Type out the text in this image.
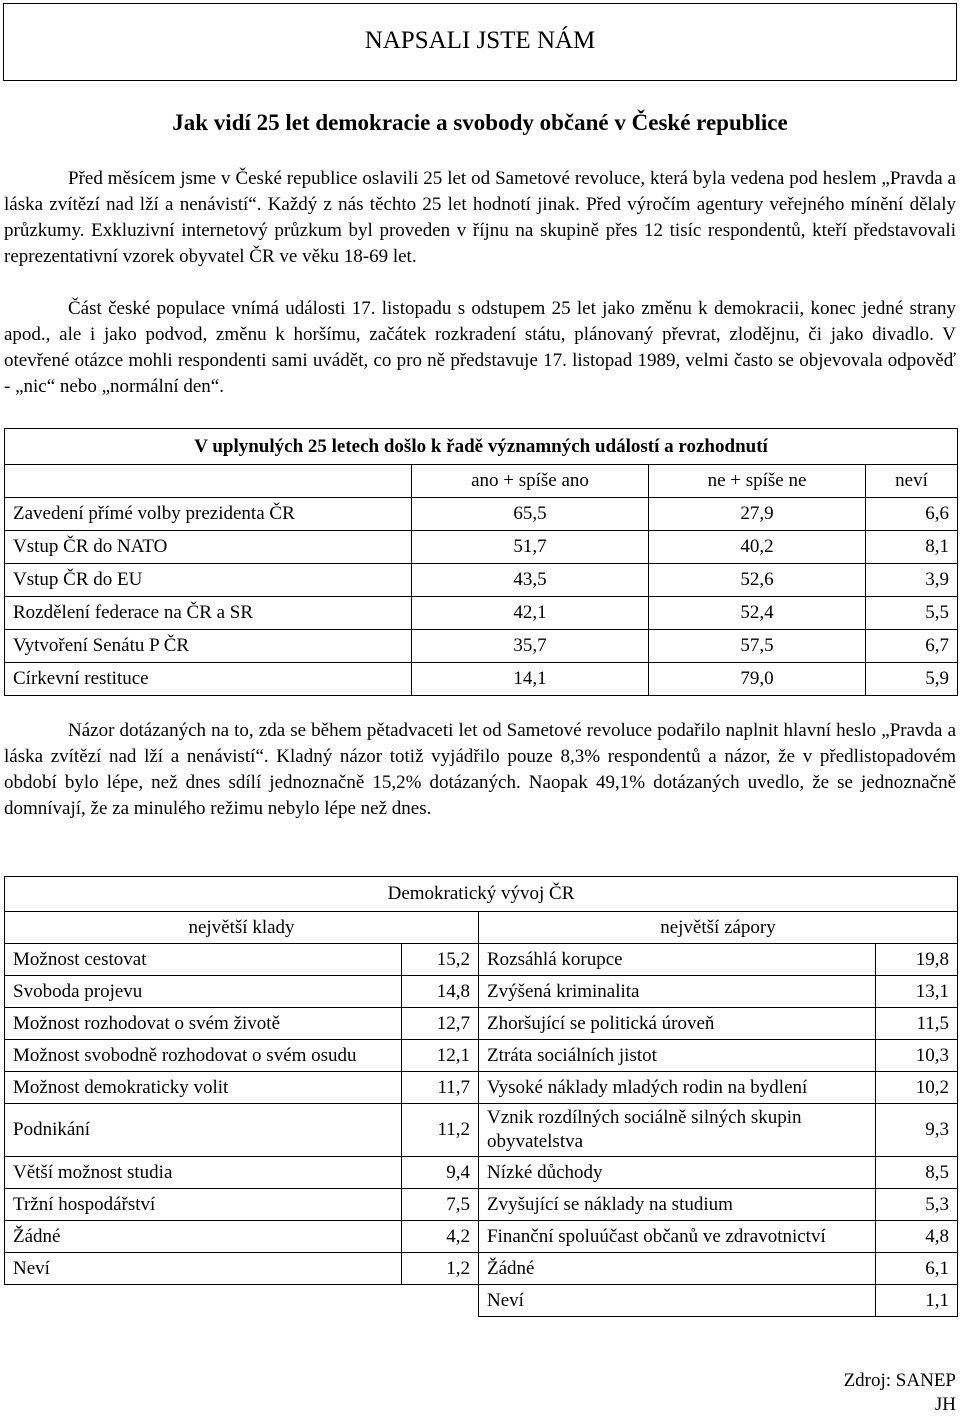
NAPSALI JSTE NÁM
Jak vidí 25 let demokracie a svobody občané v České republice
Před měsícem jsme v České republice oslavili 25 let od Sametové revoluce, která byla vedena pod heslem „Pravda a láska zvítězí nad lží a nenávistí“. Každý z nás těchto 25 let hodnotí jinak. Před výročím agentury veřejného mínění dělaly průzkumy. Exkluzivní internetový průzkum byl proveden v říjnu na skupině přes 12 tisíc respondentů, kteří představovali reprezentativní vzorek obyvatel ČR ve věku 18-69 let.
Část české populace vnímá události 17. listopadu s odstupem 25 let jako změnu k demokracii, konec jedné strany apod., ale i jako podvod, změnu k horšímu, začátek rozkradení státu, plánovaný převrat, zlodějnu, či jako divadlo. V otevřené otázce mohli respondenti sami uvádět, co pro ně představuje 17. listopad 1989, velmi často se objevovala odpověď - „nic“ nebo „normální den“.
V uplynulých 25 letech došlo k řadě významných událostí a rozhodnutí			
	ano + spíše ano	ne + spíše ne	neví
Zavedení přímé volby prezidenta ČR	65,5	27,9	6,6
Vstup ČR do NATO	51,7	40,2	8,1
Vstup ČR do EU	43,5	52,6	3,9
Rozdělení federace na ČR a SR	42,1	52,4	5,5
Vytvoření Senátu P ČR	35,7	57,5	6,7
Církevní restituce	14,1	79,0	5,9
Názor dotázaných na to, zda se během pětadvaceti let od Sametové revoluce podařilo naplnit hlavní heslo „Pravda a láska zvítězí nad lží a nenávistí“. Kladný názor totiž vyjádřilo pouze 8,3% respondentů a názor, že v předlistopadovém období bylo lépe, než dnes sdílí jednoznačně 15,2% dotázaných. Naopak 49,1% dotázaných uvedlo, že se jednoznačně domnívají, že za minulého režimu nebylo lépe než dnes.
Demokratický vývoj ČR			
největší klady		největší zápory	
Možnost cestovat	15,2	Rozsáhlá korupce	19,8
Svoboda projevu	14,8	Zvýšená kriminalita	13,1
Možnost rozhodovat o svém životě	12,7	Zhoršující se politická úroveň	11,5
Možnost svobodně rozhodovat o svém osudu	12,1	Ztráta sociálních jistot	10,3
Možnost demokraticky volit	11,7	Vysoké náklady mladých rodin na bydlení	10,2
Podnikání	11,2	Vznik rozdílných sociálně silných skupin obyvatelstva	9,3
Větší možnost studia	9,4	Nízké důchody	8,5
Tržní hospodářství	7,5	Zvyšující se náklady na studium	5,3
Žádné	4,2	Finanční spoluúčast občanů ve zdravotnictví	4,8
Neví	1,2	Žádné	6,1
		Neví	1,1
Zdroj: SANEP
JH
